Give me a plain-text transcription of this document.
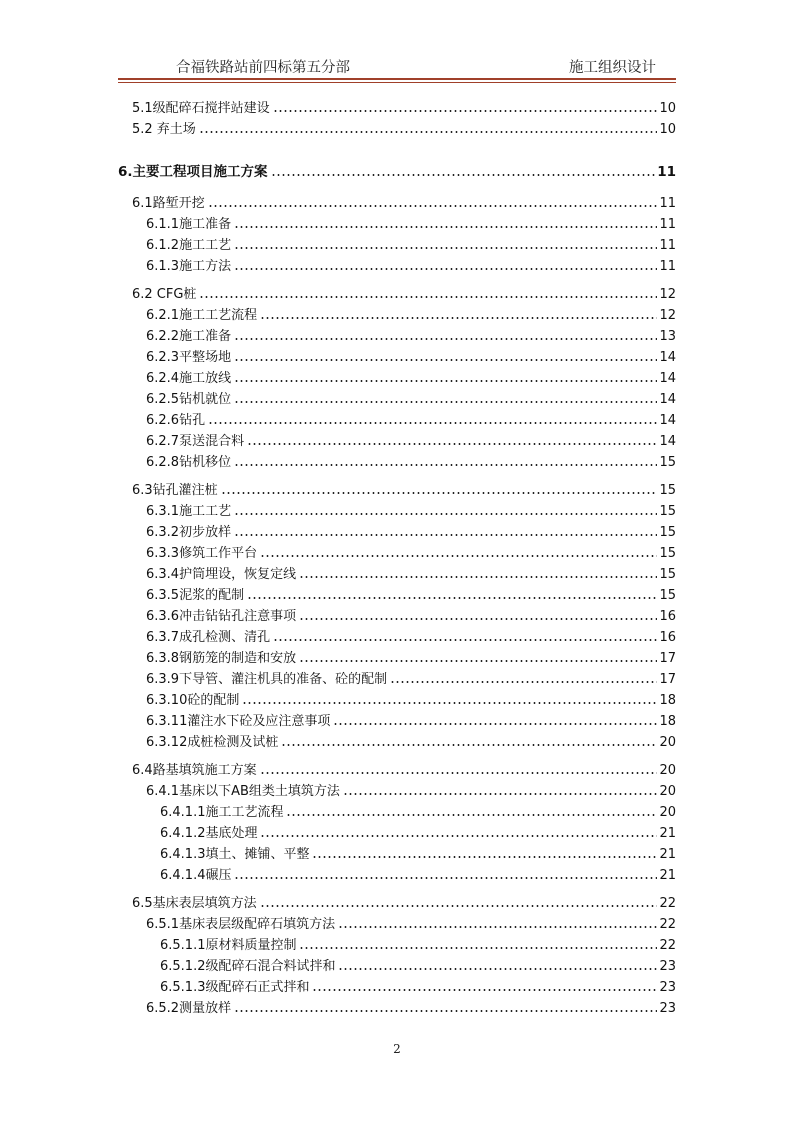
合福铁路站前四标第五分部	施工组织设计
5.1级配碎石搅拌站建设	10
5.2 弃土场	10
6.主要工程项目施工方案	11
6.1路堑开挖	11
6.1.1施工准备	11
6.1.2施工工艺	11
6.1.3施工方法	11
6.2 CFG桩	12
6.2.1施工工艺流程	12
6.2.2施工准备	13
6.2.3平整场地	14
6.2.4施工放线	14
6.2.5钻机就位	14
6.2.6钻孔	14
6.2.7泵送混合料	14
6.2.8钻机移位	15
6.3钻孔灌注桩	15
6.3.1施工工艺	15
6.3.2初步放样	15
6.3.3修筑工作平台	15
6.3.4护筒埋设，恢复定线	15
6.3.5泥浆的配制	15
6.3.6冲击钻钻孔注意事项	16
6.3.7成孔检测、清孔	16
6.3.8钢筋笼的制造和安放	17
6.3.9下导管、灌注机具的准备、砼的配制	17
6.3.10砼的配制	18
6.3.11灌注水下砼及应注意事项	18
6.3.12成桩检测及试桩	20
6.4路基填筑施工方案	20
6.4.1基床以下AB组类土填筑方法	20
6.4.1.1施工工艺流程	20
6.4.1.2基底处理	21
6.4.1.3填土、摊铺、平整	21
6.4.1.4碾压	21
6.5基床表层填筑方法	22
6.5.1基床表层级配碎石填筑方法	22
6.5.1.1原材料质量控制	22
6.5.1.2级配碎石混合料试拌和	23
6.5.1.3级配碎石正式拌和	23
6.5.2测量放样	23
2
